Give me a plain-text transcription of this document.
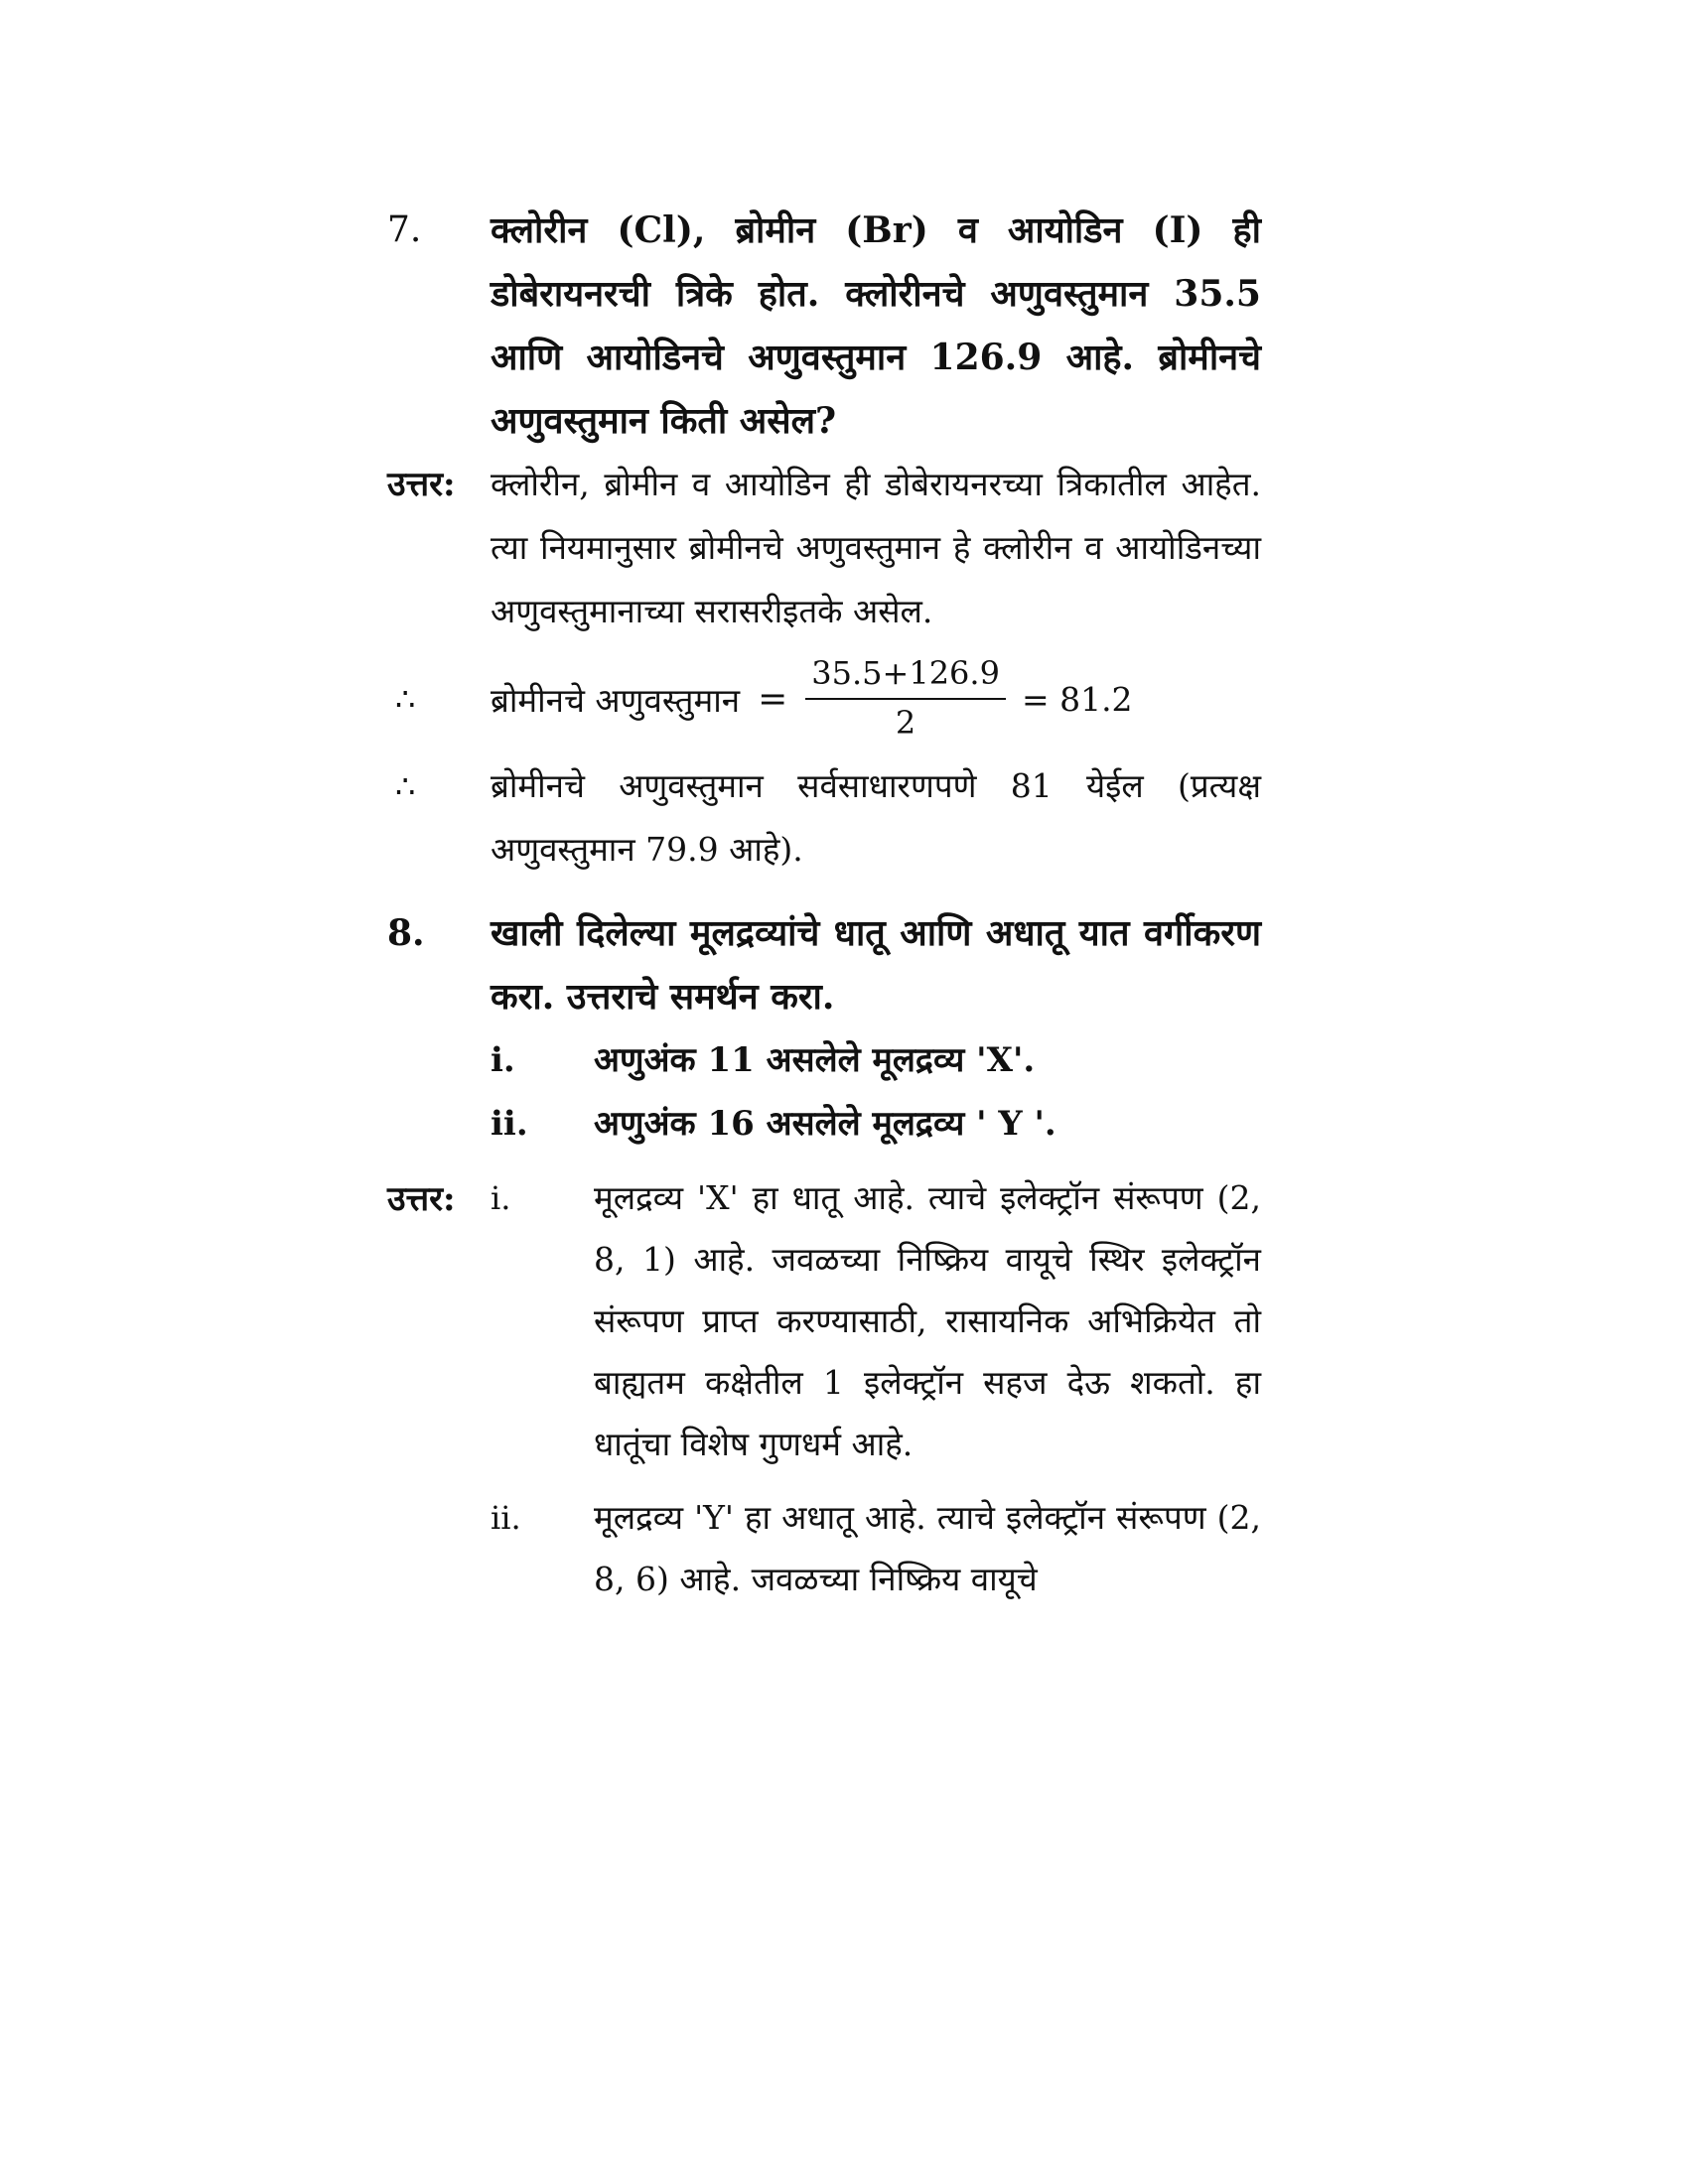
7.	क्लोरीन (Cl), ब्रोमीन (Br) व आयोडिन (I) ही डोबेरायनरची त्रिके होत. क्लोरीनचे अणुवस्तुमान 35.5 आणि आयोडिनचे अणुवस्तुमान 126.9 आहे. ब्रोमीनचे अणुवस्तुमान किती असेल?
उत्तर:	क्लोरीन, ब्रोमीन व आयोडिन ही डोबेरायनरच्या त्रिकातील आहेत. त्या नियमानुसार ब्रोमीनचे अणुवस्तुमान हे क्लोरीन व आयोडिनच्या अणुवस्तुमानाच्या सरासरीइतके असेल.
∴	ब्रोमीनचे अणुवस्तुमान = $\frac{35.5+126.9}{2} = 81.2$
∴	ब्रोमीनचे अणुवस्तुमान सर्वसाधारणपणे 81 येईल (प्रत्यक्ष अणुवस्तुमान 79.9 आहे).
8.	खाली दिलेल्या मूलद्रव्यांचे धातू आणि अधातू यात वर्गीकरण करा. उत्तराचे समर्थन करा.
i.	अणुअंक 11 असलेले मूलद्रव्य 'X'.
ii.	अणुअंक 16 असलेले मूलद्रव्य ' Y '.
उत्तर:	i.	मूलद्रव्य 'X' हा धातू आहे. त्याचे इलेक्ट्रॉन संरूपण (2, 8, 1) आहे. जवळच्या निष्क्रिय वायूचे स्थिर इलेक्ट्रॉन संरूपण प्राप्त करण्यासाठी, रासायनिक अभिक्रियेत तो बाह्यतम कक्षेतील 1 इलेक्ट्रॉन सहज देऊ शकतो. हा धातूंचा विशेष गुणधर्म आहे.
ii.	मूलद्रव्य 'Y' हा अधातू आहे. त्याचे इलेक्ट्रॉन संरूपण (2, 8, 6) आहे. जवळच्या निष्क्रिय वायूचे
